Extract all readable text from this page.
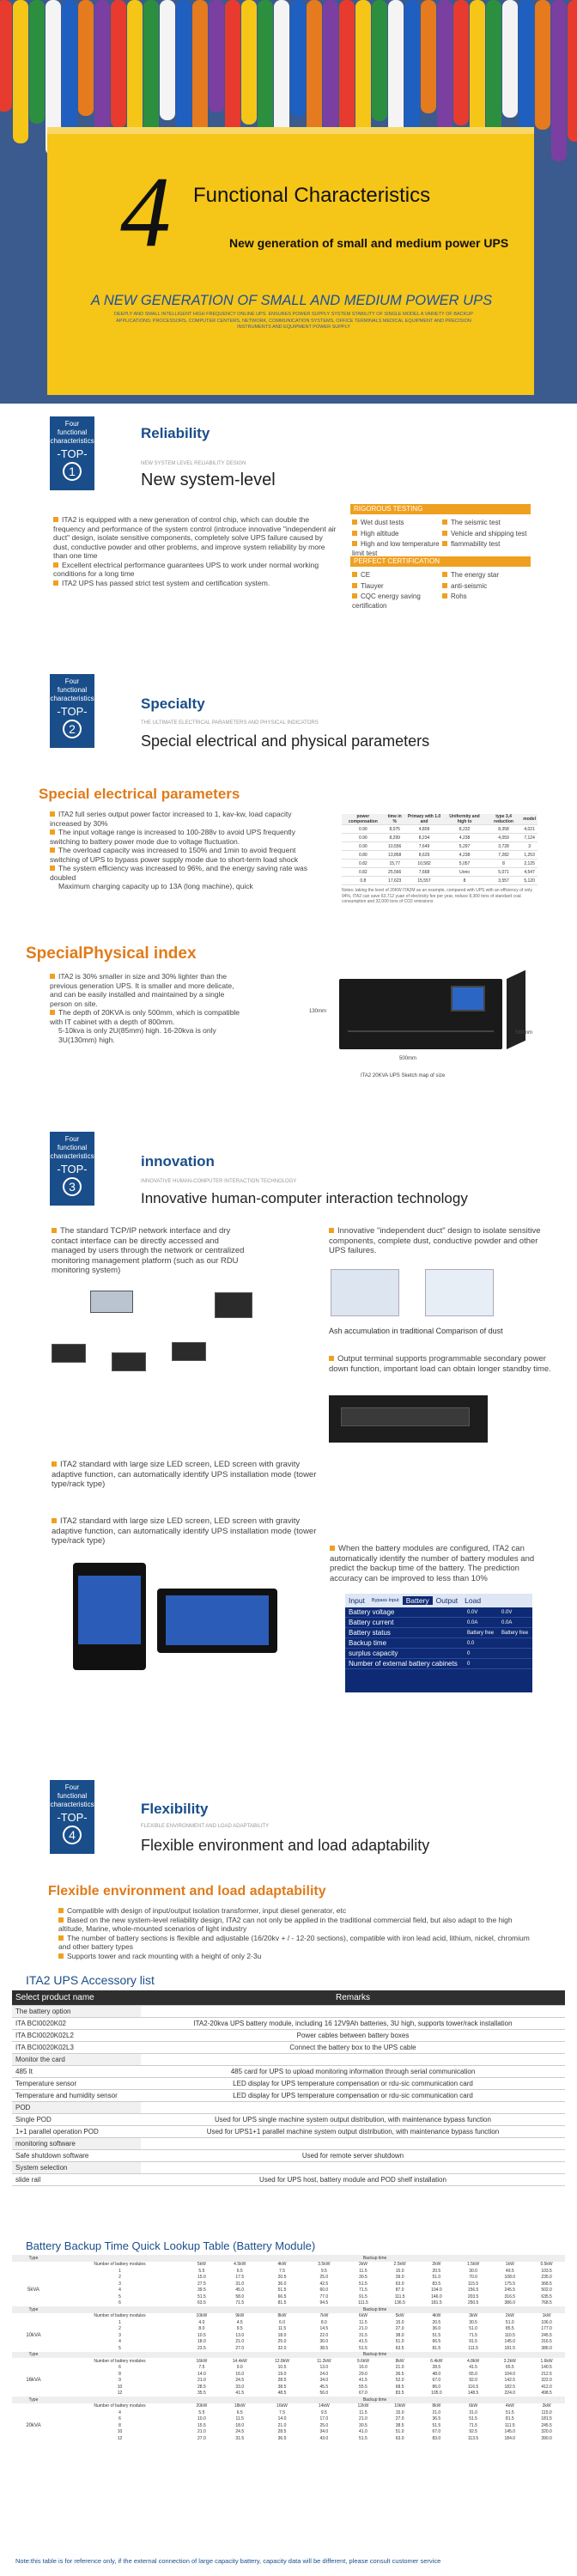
4 Functional Characteristics
New generation of small and medium power UPS
A NEW GENERATION OF SMALL AND MEDIUM POWER UPS
DEEPLY AND SMALL INTELLIGENT HIGH FREQUENCY ONLINE UPS. ENSURES POWER SUPPLY SYSTEM STABILITY OF SINGLE MODEL A VARIETY OF BACKUP APPLICATIONS: PROCESSORS, COMPUTER CENTERS, NETWORK, COMMUNICATION SYSTEMS, OFFICE TERMINALS MEDICAL EQUIPMENT AND PRECISION INSTRUMENTS AND EQUIPMENT POWER SUPPLY
Four functional characteristics
-TOP-
1
Reliability
NEW SYSTEM LEVEL RELIABILITY DESIGN
New system-level
ITA2 is equipped with a new generation of control chip, which can double the frequency and performance of the system control (introduce innovative "independent air duct" design, isolate sensitive components, completely solve UPS failure caused by dust, conductive powder and other problems, and improve system reliability by more than one time
Excellent electrical performance guarantees UPS to work under normal working conditions for a long time
ITA2 UPS has passed strict test system and certification system.
RIGOROUS TESTING
Wet dust tests	The seismic test
High altitude	Vehicle and shipping test
High and low temperature limit test
flammability test
PERFECT CERTIFICATION
CE	The energy star
Tlauyer	anti-seismic
CQC energy saving certification
Rohs
Four functional characteristics
-TOP-
2
Specialty
THE ULTIMATE ELECTRICAL PARAMETERS AND PHYSICAL INDICATORS
Special electrical and physical parameters
Special electrical parameters
ITA2 full series output power factor increased to 1, kav-kw, load capacity increased by 30%
The input voltage range is increased to 100-288v to avoid UPS frequently switching to battery power mode due to voltage fluctuation.
The overload capacity was increased to 150% and 1min to avoid frequent switching of UPS to bypass power supply mode due to short-term load shock
The system efficiency was increased to 96%, and the energy saving rate was doubled
Maximum charging capacity up to 13A (long machine), quick
power compensation	time in %	Primary with 1.0 and	Uniformity and high to	type 3,4 reduction	model
0.90	8,075	4,809	8,232	8,358	4,021
0.90	8,299	8,234	4,238	4,059	7,124
0.90	10,556	7,649	5,297	3,728	3
0.80	13,858	8,629	4,238	7,282	1,253
0.82	15,77	10,582	5,057	8	2,125
0.82	25,566	7,668	Uono	5,071	4,547
0.8	17,623	15,557	8	3,557	5,120
Notes: taking the level of 20KW ITA2M as an example, compared with UPS with an efficiency of only 94%, ITA2 can save 63,712 yuan of electricity fee per year, reduce 8,300 tons of standard coal consumption and 32,000 tons of CO2 emissions
SpecialPhysical index
ITA2 is 30% smaller in size and 30% lighter than the previous generation UPS. It is smaller and more delicate, and can be easily installed and maintained by a single person on site.
The depth of 20KVA is only 500mm, which is compatible with IT cabinet with a depth of 800mm.
5-10kva is only 2U(85mm) high. 16-20kva is only 3U(130mm) high.
130mm
500mm
580mm
ITA2 20KVA UPS Sketch map of size
Four functional characteristics
-TOP-
3
innovation
INNOVATIVE HUMAN-COMPUTER INTERACTION TECHNOLOGY
Innovative human-computer interaction technology
The standard TCP/IP network interface and dry contact interface can be directly accessed and managed by users through the network or centralized monitoring management platform (such as our RDU monitoring system)
Innovative "independent duct" design to isolate sensitive components, complete dust, conductive powder and other UPS failures.
Ash accumulation in traditional Comparison of dust
Output terminal supports programmable secondary power down function, important load can obtain longer standby time.
ITA2 standard with large size LED screen, LED screen with gravity adaptive function, can automatically identify UPS installation mode (tower type/rack type)
ITA2 standard with large size LED screen, LED screen with gravity adaptive function, can automatically identify UPS installation mode (tower type/rack type)
When the battery modules are configured, ITA2 can automatically identify the number of battery modules and predict the backup time of the battery. The prediction accuracy can be improved to less than 10%
Input	Bypass Input Battery Output Load
Battery voltage	0.0V	0.0V
Battery current	0.0A	0.0A
Battery status	Battery free	Battery free
Backup time	0.0	
surplus capacity	0	
Number of external battery cabinets	0	
Four functional characteristics
-TOP-
4
Flexibility
FLEXIBLE ENVIRONMENT AND LOAD ADAPTABILITY
Flexible environment and load adaptability
Flexible environment and load adaptability
Compatible with design of input/output isolation transformer, input diesel generator, etc
Based on the new system-level reliability design, ITA2 can not only be applied in the traditional commercial field, but also adapt to the high altitude, Marine, whole-mounted scenarios of light industry
The number of battery sections is flexible and adjustable (16/20kv + / - 12-20 sections), compatible with iron lead acid, lithium, nickel, chromium and other battery types
Supports tower and rack mounting with a height of only 2-3u
ITA2 UPS Accessory list
Select product name	Remarks
The battery option	
ITA BCI0020K02	ITA2-20kva UPS battery module, including 16 12V9Ah batteries, 3U high, supports tower/rack installation
ITA BCI0020K02L2	Power cables between battery boxes
ITA BCI0020K02L3	Connect the battery box to the UPS cable
Monitor the card	
485 It	485 card for UPS to upload monitoring information through serial communication
Temperature sensor	LED display for UPS temperature compensation or rdu-sic communication card
Temperature and humidity sensor	LED display for UPS temperature compensation or rdu-sic communication card
POD	
Single POD	Used for UPS single machine system output distribution, with maintenance bypass function
1+1 parallel operation POD	Used for UPS1+1 parallel machine system output distribution, with maintenance bypass function
monitoring software	
Safe shutdown software	Used for remote server shutdown
System selection	
slide rail	Used for UPS host, battery module and POD shelf installation
Battery Backup Time Quick Lookup Table (Battery Module)
Type		Backup time									
	Number of battery modules	5kW	4.5kW	4kW	3.5kW	3kW	2.5kW	2kW	1.5kW	1kW	0.5kW
	1	5.5	6.5	7.5	9.5	11.5	15.0	20.5	30.0	49.5	103.5
	2	15.0	17.5	20.5	25.0	30.5	39.0	51.0	70.0	108.0	235.0
	3	27.5	31.0	36.0	42.5	51.5	63.0	83.5	115.5	175.5	368.5
5kVA	4	39.5	45.0	51.5	60.0	71.5	87.0	104.0	156.5	245.5	502.0
	5	51.5	58.0	66.5	77.0	91.5	111.5	146.0	203.5	316.5	635.5
	6	63.5	71.5	81.5	94.5	111.5	136.5	181.5	250.5	386.0	768.5
Type		Backup time									
	Number of battery modules	10kW	9kW	8kW	7kW	6kW	5kW	4kW	3kW	2kW	1kW
	1	4.0	4.5	6.0	8.0	11.5	15.0	20.5	30.5	51.0	106.0
	2	8.0	9.5	11.5	14.5	21.0	27.0	36.0	51.0	85.5	177.0
10kVA	3	10.5	13.0	18.0	22.0	31.5	38.0	51.5	71.5	110.5	245.5
	4	18.0	21.0	25.0	30.0	41.5	51.0	66.5	91.5	145.0	316.5
	5	23.5	27.0	32.0	38.5	51.5	63.5	81.5	111.5	181.5	386.0
Type		Backup time									
	Number of battery modules	16kW	14.4kW	12.8kW	11.2kW	9.6kW	8kW	6.4kW	4.8kW	3.2kW	1.6kW
	6	7.5	9.0	10.5	13.0	16.0	21.0	28.5	41.5	65.5	140.5
	8	14.0	16.0	19.0	24.0	29.0	36.5	48.0	65.0	104.0	212.5
16kVA	9	21.0	24.5	28.5	34.0	41.5	52.0	67.0	92.0	142.5	322.0
	10	28.5	33.0	38.5	45.5	55.5	68.5	86.0	116.5	182.5	412.0
	12	35.5	41.5	48.5	56.0	67.0	83.5	105.0	148.5	224.0	498.5
Type		Backup time									
	Number of battery modules	20kW	18kW	16kW	14kW	12kW	10kW	8kW	6kW	4kW	2kW
	4	5.5	6.5	7.5	9.5	11.5	15.0	21.0	31.0	51.5	115.0
	6	10.0	11.5	14.0	17.0	21.0	27.0	36.5	51.5	81.5	181.5
20kVA	8	15.5	18.0	21.0	25.0	30.5	38.5	51.5	71.5	111.5	245.5
	10	21.0	24.5	28.5	34.0	41.0	51.0	67.0	92.5	145.0	320.0
	12	27.0	31.5	36.5	43.0	51.5	63.0	83.0	113.5	184.0	390.0
Note:this table is for reference only, if the external connection of large capacity battery, capacity data will be different, please consult customer service
